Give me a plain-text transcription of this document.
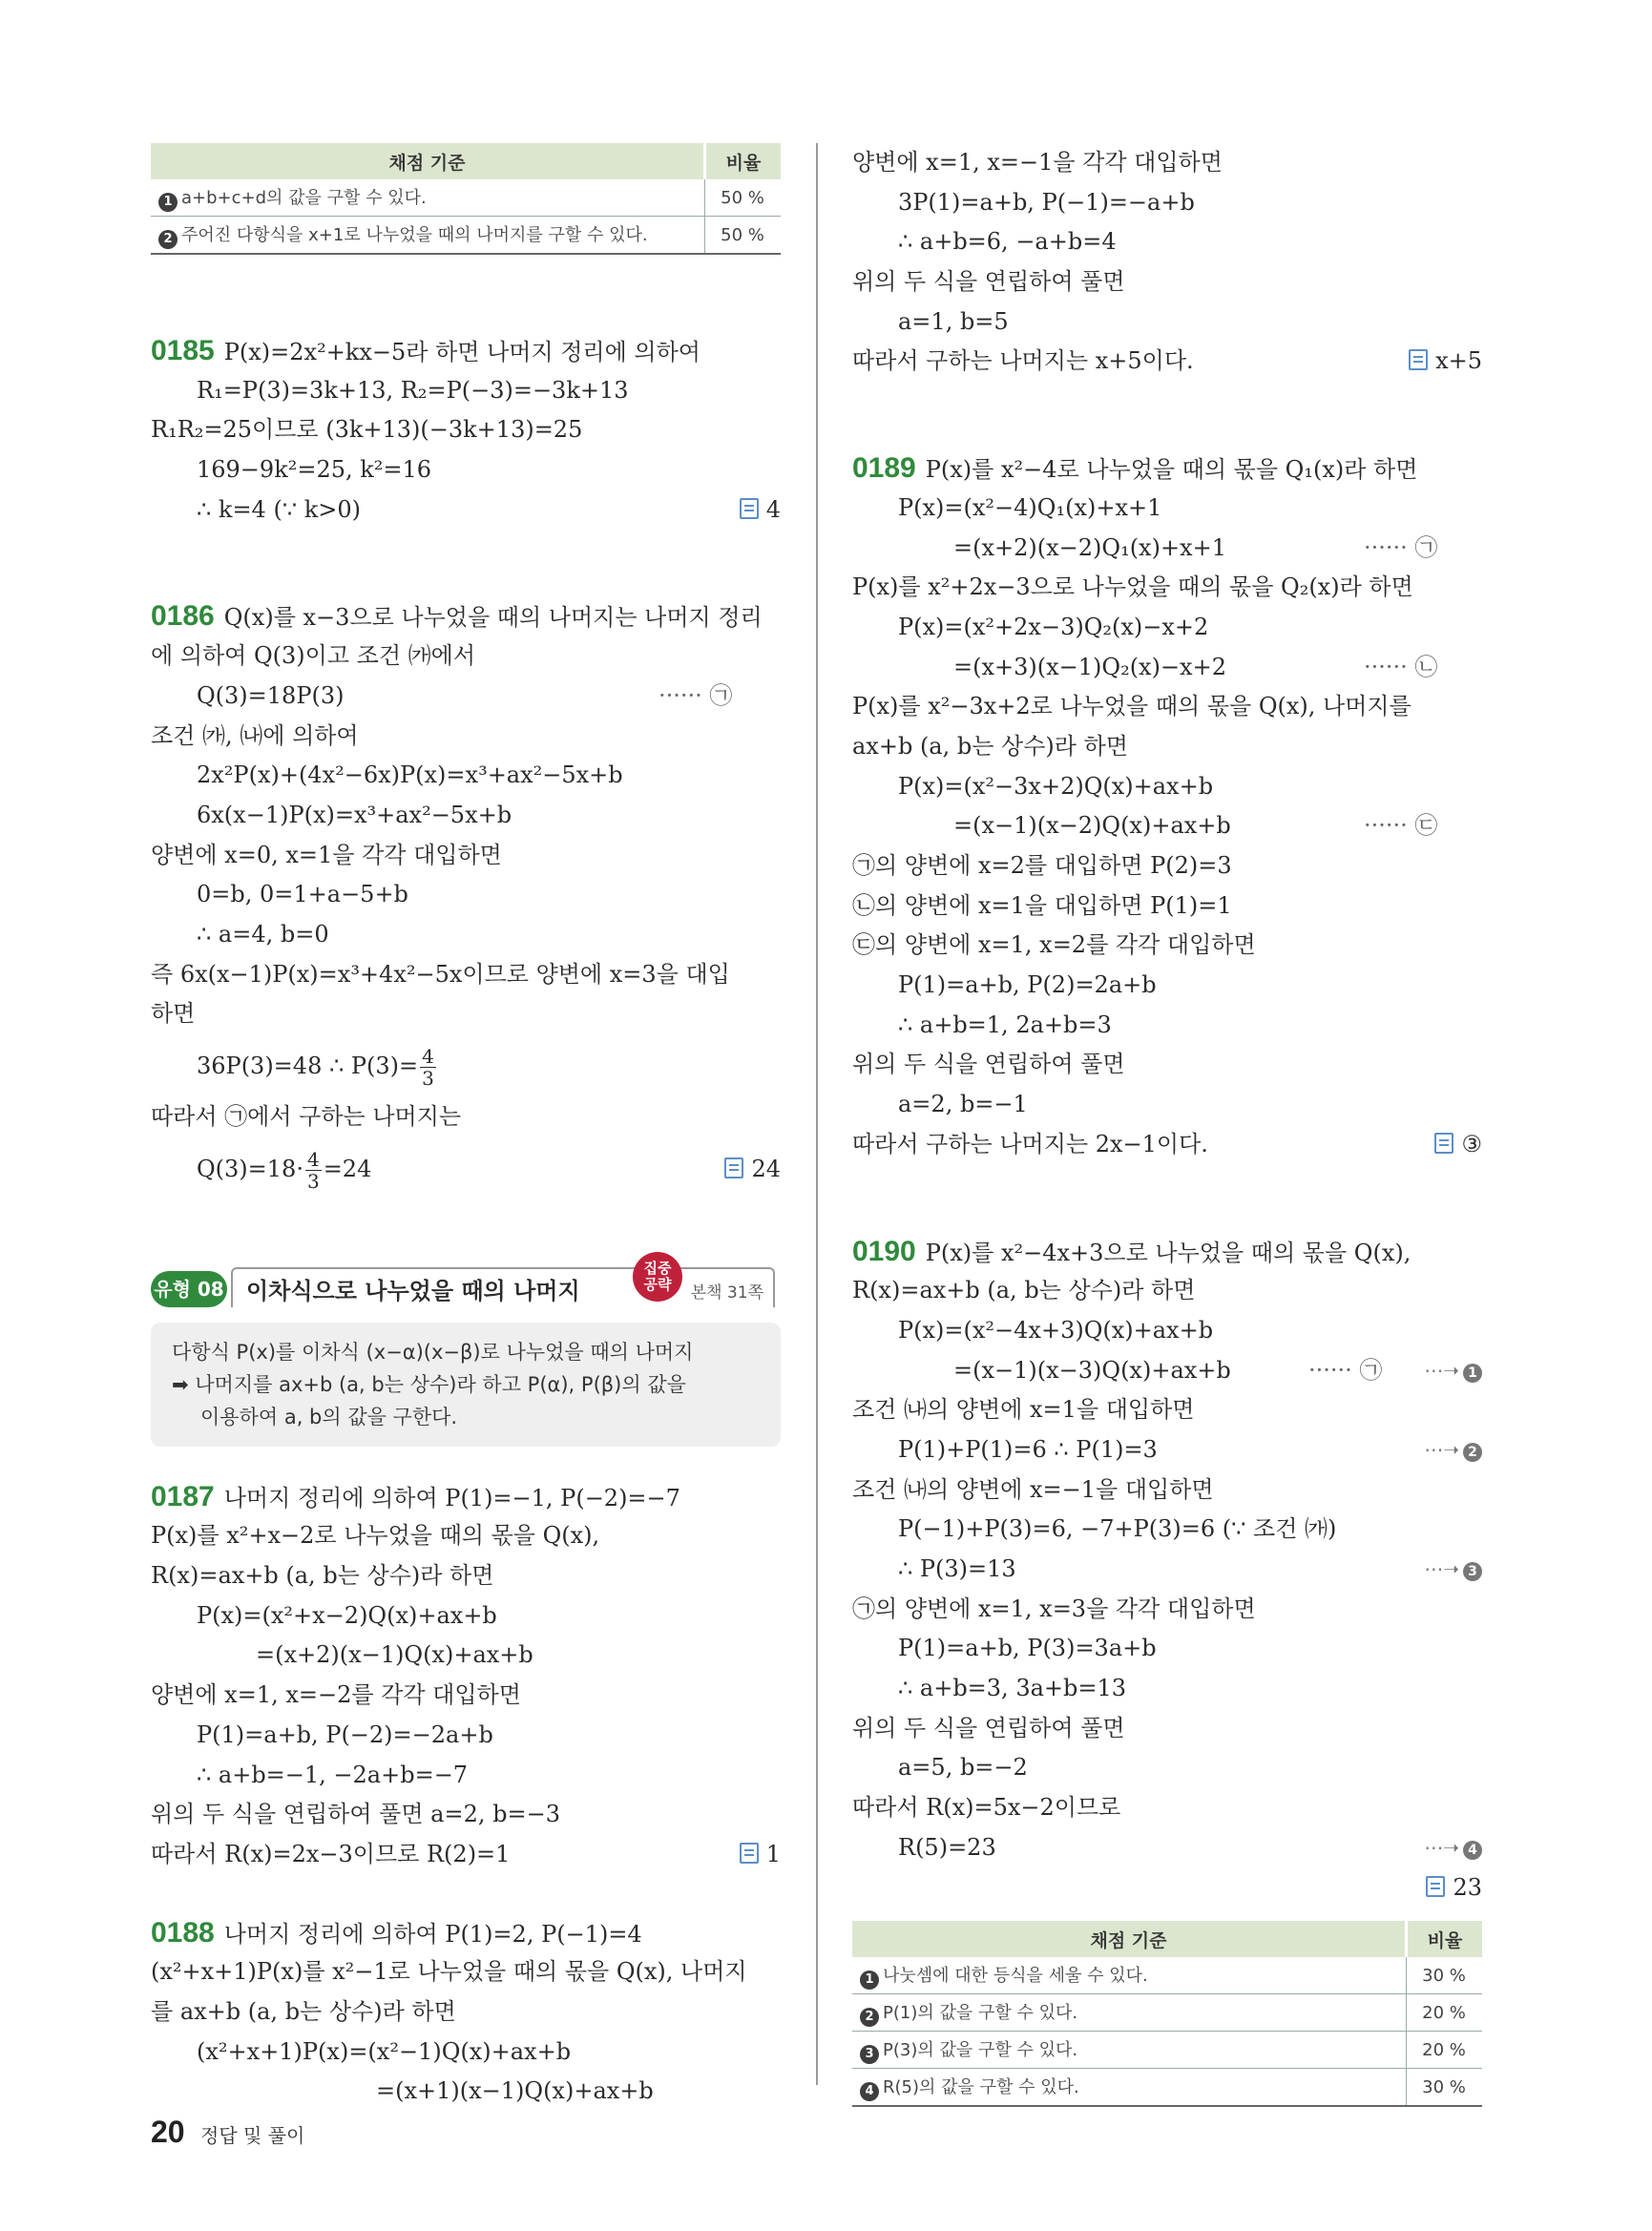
채점 기준	비율
1 a+b+c+d의 값을 구할 수 있다.	50 %
2 주어진 다항식을 x+1로 나누었을 때의 나머지를 구할 수 있다.	50 %
0185 P(x)=2x²+kx−5라 하면 나머지 정리에 의하여
R₁=P(3)=3k+13, R₂=P(−3)=−3k+13
R₁R₂=25이므로 (3k+13)(−3k+13)=25
169−9k²=25, k²=16
∴ k=4 (∵ k>0)	4
0186 Q(x)를 x−3으로 나누었을 때의 나머지는 나머지 정리
에 의하여 Q(3)이고 조건 ㈎에서
Q(3)=18P(3)	······ ㉠
조건 ㈎, ㈏에 의하여
2x²P(x)+(4x²−6x)P(x)=x³+ax²−5x+b
6x(x−1)P(x)=x³+ax²−5x+b
양변에 x=0, x=1을 각각 대입하면
0=b, 0=1+a−5+b
∴ a=4, b=0
즉 6x(x−1)P(x)=x³+4x²−5x이므로 양변에 x=3을 대입
하면
36P(3)=48 ∴ $P(3)= \frac{4}{3}$
따라서 ㉠에서 구하는 나머지는
$Q(3)=18\cdot \frac{4}{3} =24$	24
유형 08 이차식으로 나누었을 때의 나머지
집중
공략	본책 31쪽
다항식 P(x)를 이차식 (x−α)(x−β)로 나누었을 때의 나머지
➡ 나머지를 ax+b (a, b는 상수)라 하고 P(α), P(β)의 값을
이용하여 a, b의 값을 구한다.
0187 나머지 정리에 의하여 P(1)=−1, P(−2)=−7
P(x)를 x²+x−2로 나누었을 때의 몫을 Q(x),
R(x)=ax+b (a, b는 상수)라 하면
P(x)=(x²+x−2)Q(x)+ax+b
=(x+2)(x−1)Q(x)+ax+b
양변에 x=1, x=−2를 각각 대입하면
P(1)=a+b, P(−2)=−2a+b
∴ a+b=−1, −2a+b=−7
위의 두 식을 연립하여 풀면 a=2, b=−3
따라서 R(x)=2x−3이므로 R(2)=1	1
0188 나머지 정리에 의하여 P(1)=2, P(−1)=4
(x²+x+1)P(x)를 x²−1로 나누었을 때의 몫을 Q(x), 나머지
를 ax+b (a, b는 상수)라 하면
(x²+x+1)P(x)=(x²−1)Q(x)+ax+b
=(x+1)(x−1)Q(x)+ax+b
양변에 x=1, x=−1을 각각 대입하면
3P(1)=a+b, P(−1)=−a+b
∴ a+b=6, −a+b=4
위의 두 식을 연립하여 풀면
a=1, b=5
따라서 구하는 나머지는 x+5이다.	x+5
0189 P(x)를 x²−4로 나누었을 때의 몫을 Q₁(x)라 하면
P(x)=(x²−4)Q₁(x)+x+1
=(x+2)(x−2)Q₁(x)+x+1	······ ㉠
P(x)를 x²+2x−3으로 나누었을 때의 몫을 Q₂(x)라 하면
P(x)=(x²+2x−3)Q₂(x)−x+2
=(x+3)(x−1)Q₂(x)−x+2	······ ㉡
P(x)를 x²−3x+2로 나누었을 때의 몫을 Q(x), 나머지를
ax+b (a, b는 상수)라 하면
P(x)=(x²−3x+2)Q(x)+ax+b
=(x−1)(x−2)Q(x)+ax+b	······ ㉢
㉠의 양변에 x=2를 대입하면 P(2)=3
㉡의 양변에 x=1을 대입하면 P(1)=1
㉢의 양변에 x=1, x=2를 각각 대입하면
P(1)=a+b, P(2)=2a+b
∴ a+b=1, 2a+b=3
위의 두 식을 연립하여 풀면
a=2, b=−1
따라서 구하는 나머지는 2x−1이다.	③
0190 P(x)를 x²−4x+3으로 나누었을 때의 몫을 Q(x),
R(x)=ax+b (a, b는 상수)라 하면
P(x)=(x²−4x+3)Q(x)+ax+b
=(x−1)(x−3)Q(x)+ax+b	······ ㉠ ⋯➝ 1
조건 ㈏의 양변에 x=1을 대입하면
P(1)+P(1)=6 ∴ P(1)=3	⋯➝ 2
조건 ㈏의 양변에 x=−1을 대입하면
P(−1)+P(3)=6, −7+P(3)=6 (∵ 조건 ㈎)
∴ P(3)=13	⋯➝ 3
㉠의 양변에 x=1, x=3을 각각 대입하면
P(1)=a+b, P(3)=3a+b
∴ a+b=3, 3a+b=13
위의 두 식을 연립하여 풀면
a=5, b=−2
따라서 R(x)=5x−2이므로
R(5)=23	⋯➝ 4
23
채점 기준	비율
1 나눗셈에 대한 등식을 세울 수 있다.	30 %
2 P(1)의 값을 구할 수 있다.	20 %
3 P(3)의 값을 구할 수 있다.	20 %
4 R(5)의 값을 구할 수 있다.	30 %
20 정답 및 풀이
